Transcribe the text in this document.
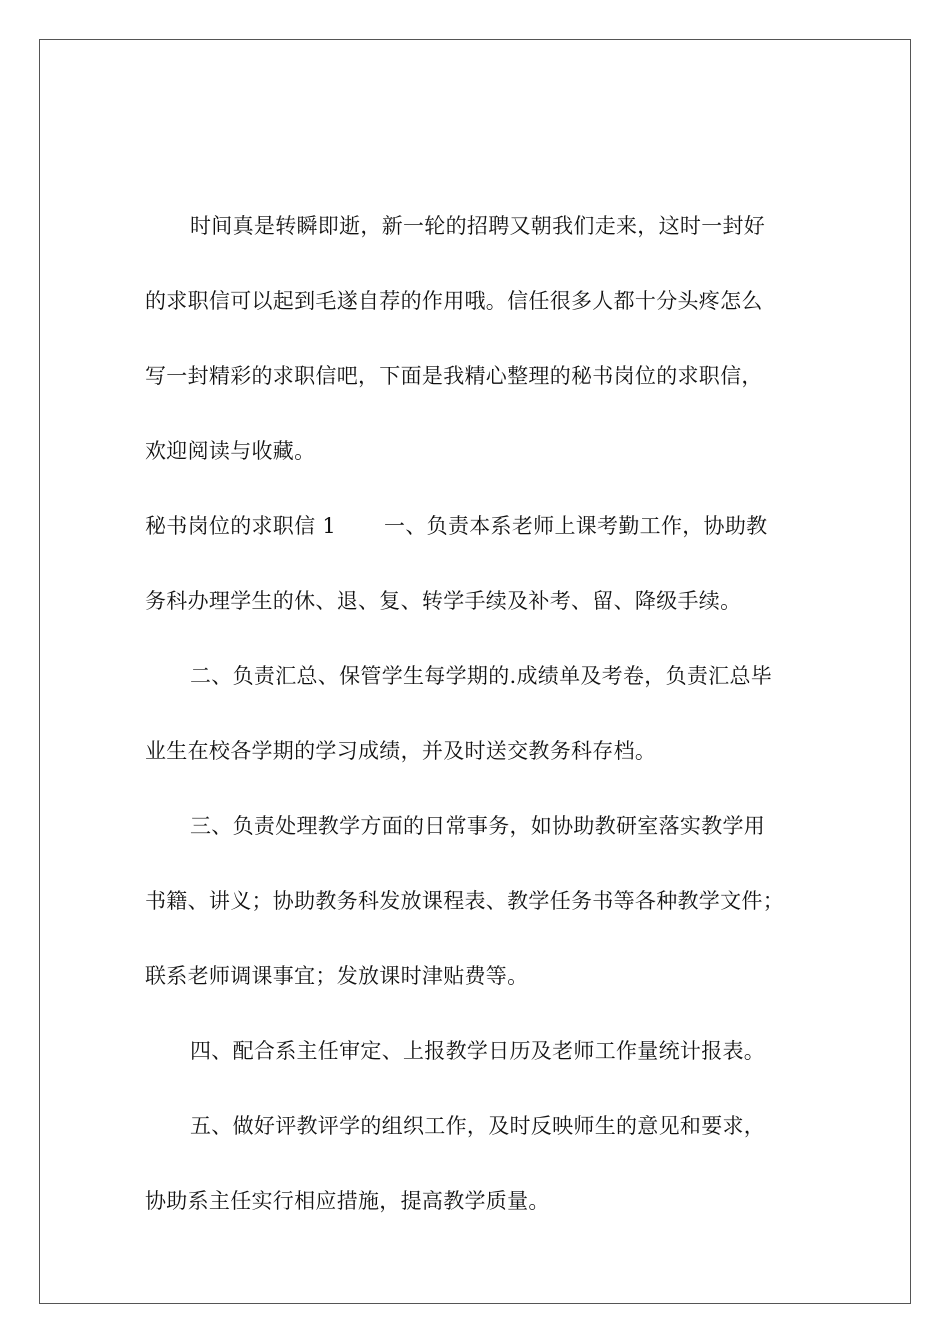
时间真是转瞬即逝，新一轮的招聘又朝我们走来，这时一封好
的求职信可以起到毛遂自荐的作用哦。信任很多人都十分头疼怎么
写一封精彩的求职信吧，下面是我精心整理的秘书岗位的求职信，
欢迎阅读与收藏。
秘书岗位的求职信 1 一、负责本系老师上课考勤工作，协助教
务科办理学生的休、退、复、转学手续及补考、留、降级手续。
二、负责汇总、保管学生每学期的.成绩单及考卷，负责汇总毕
业生在校各学期的学习成绩，并及时送交教务科存档。
三、负责处理教学方面的日常事务，如协助教研室落实教学用
书籍、讲义；协助教务科发放课程表、教学任务书等各种教学文件；
联系老师调课事宜；发放课时津贴费等。
四、配合系主任审定、上报教学日历及老师工作量统计报表。
五、做好评教评学的组织工作，及时反映师生的意见和要求，
协助系主任实行相应措施，提高教学质量。
